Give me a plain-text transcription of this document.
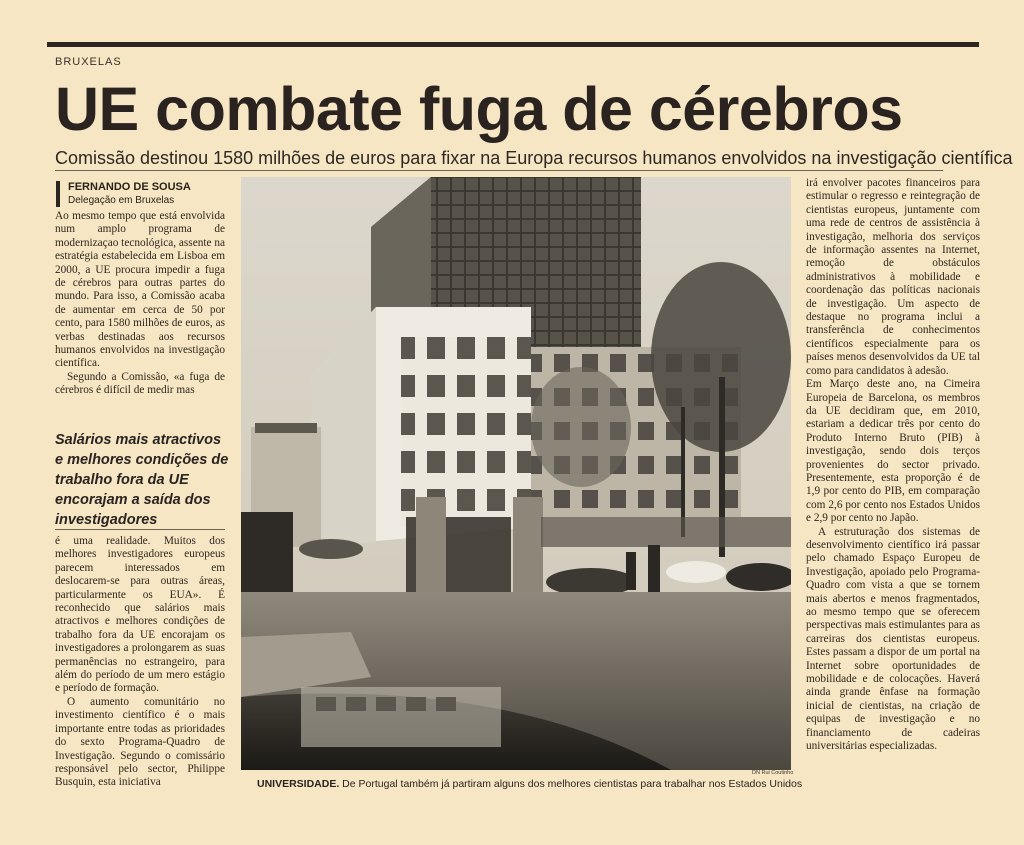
BRUXELAS
UE combate fuga de cérebros
Comissão destinou 1580 milhões de euros para fixar na Europa recursos humanos envolvidos na investigação científica
FERNANDO DE SOUSA
Delegação em Bruxelas

Ao mesmo tempo que está envolvida num amplo programa de modernizaçao tecnológica, assente na estratégia estabelecida em Lisboa em 2000, a UE procura impedir a fuga de cérebros para outras partes do mundo. Para isso, a Comissão acaba de aumentar em cerca de 50 por cento, para 1580 milhões de euros, as verbas destinadas aos recursos humanos envolvidos na investigação científica.

Segundo a Comissão, «a fuga de cérebros é difícil de medir mas

Salários mais atractivos e melhores condições de trabalho fora da UE encorajam a saída dos investigadores

é uma realidade. Muitos dos melhores investigadores europeus parecem interessados em deslocarem-se para outras áreas, particularmente os EUA». É reconhecido que salários mais atractivos e melhores condições de trabalho fora da UE encorajam os investigadores a prolongarem as suas permanências no estrangeiro, para além do período de um mero estágio e período de formação.

O aumento comunitário no investimento científico é o mais importante entre todas as prioridades do sexto Programa-Quadro de Investigação. Segundo o comissário responsável pelo sector, Philippe Busquin, esta iniciativa

DN Rui Coutinho
UNIVERSIDADE. De Portugal também já partiram alguns dos melhores cientistas para trabalhar nos Estados Unidos

irá envolver pacotes financeiros para estimular o regresso e reintegração de cientistas europeus, juntamente com uma rede de centros de assistência à investigação, melhoria dos serviços de informação assentes na Internet, remoção de obstáculos administrativos à mobilidade e coordenação das políticas nacionais de investigação. Um aspecto de destaque no programa inclui a transferência de conhecimentos científicos especialmente para os países menos desenvolvidos da UE tal como para candidatos à adesão.

Em Março deste ano, na Cimeira Europeia de Barcelona, os membros da UE decidiram que, em 2010, estariam a dedicar três por cento do Produto Interno Bruto (PIB) à investigação, sendo dois terços provenientes do sector privado. Presentemente, esta proporção é de 1,9 por cento do PIB, em comparação com 2,6 por cento nos Estados Unidos e 2,9 por cento no Japão.

A estruturação dos sistemas de desenvolvimento científico irá passar pelo chamado Espaço Europeu de Investigação, apoiado pelo Programa-Quadro com vista a que se tornem mais abertos e menos fragmentados, ao mesmo tempo que se oferecem perspectivas mais estimulantes para as carreiras dos cientistas europeus. Estes passam a dispor de um portal na Internet sobre oportunidades de mobilidade e de colocações. Haverá ainda grande ênfase na formação inicial de cientistas, na criação de equipas de investigação e no financiamento de cadeiras universitárias especializadas.
